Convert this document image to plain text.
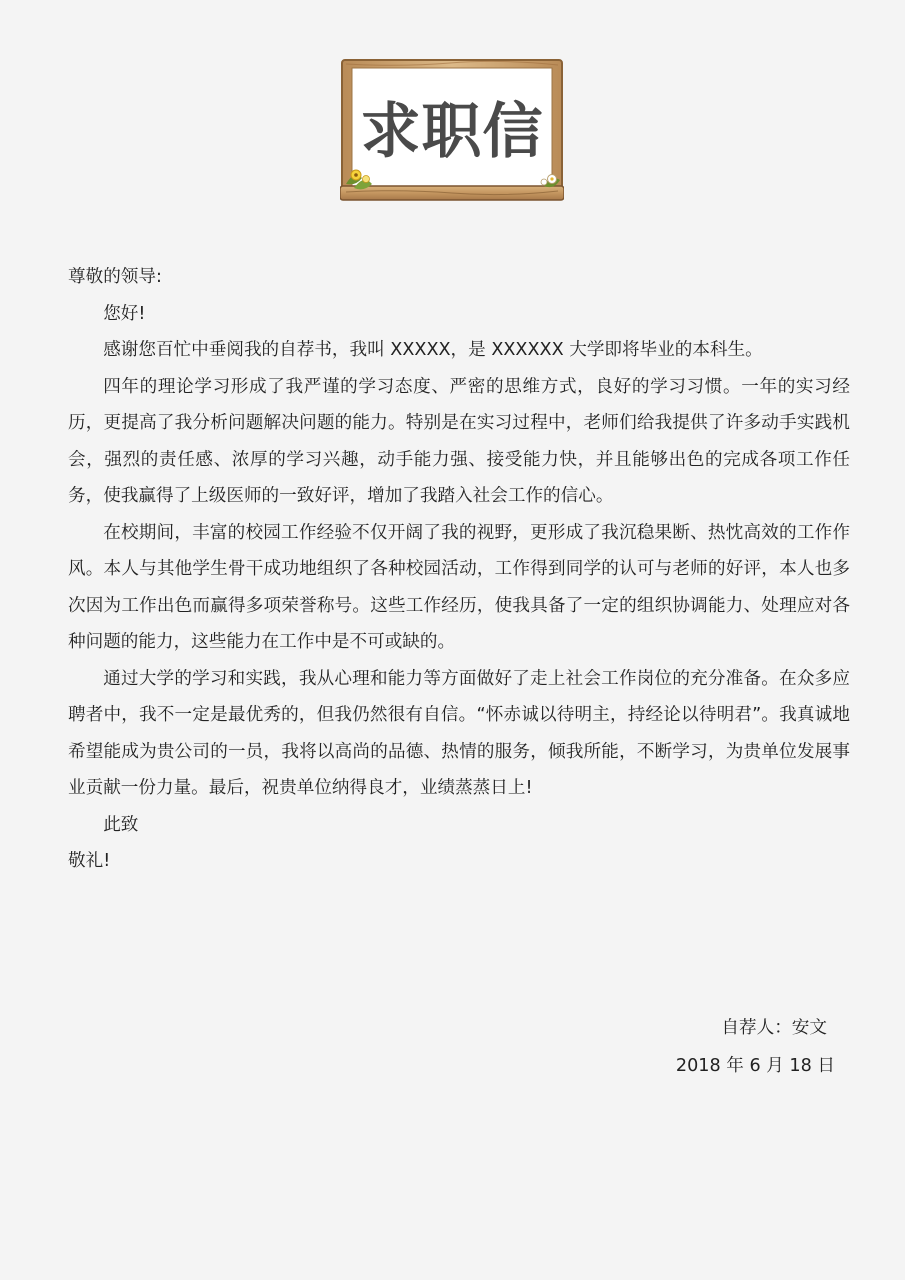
求职信

尊敬的领导:

您好!

感谢您百忙中垂阅我的自荐书，我叫 XXXXX，是 XXXXXX 大学即将毕业的本科生。

四年的理论学习形成了我严谨的学习态度、严密的思维方式，良好的学习习惯。一年的实习经历，更提高了我分析问题解决问题的能力。特别是在实习过程中，老师们给我提供了许多动手实践机会，强烈的责任感、浓厚的学习兴趣，动手能力强、接受能力快，并且能够出色的完成各项工作任务，使我赢得了上级医师的一致好评，增加了我踏入社会工作的信心。

在校期间，丰富的校园工作经验不仅开阔了我的视野，更形成了我沉稳果断、热忱高效的工作作风。本人与其他学生骨干成功地组织了各种校园活动，工作得到同学的认可与老师的好评，本人也多次因为工作出色而赢得多项荣誉称号。这些工作经历，使我具备了一定的组织协调能力、处理应对各种问题的能力，这些能力在工作中是不可或缺的。

通过大学的学习和实践，我从心理和能力等方面做好了走上社会工作岗位的充分准备。在众多应聘者中，我不一定是最优秀的，但我仍然很有自信。“怀赤诚以待明主，持经论以待明君”。我真诚地希望能成为贵公司的一员，我将以高尚的品德、热情的服务，倾我所能，不断学习，为贵单位发展事业贡献一份力量。最后，祝贵单位纳得良才，业绩蒸蒸日上!

此致

敬礼!

自荐人：安文
2018 年 6 月 18 日
